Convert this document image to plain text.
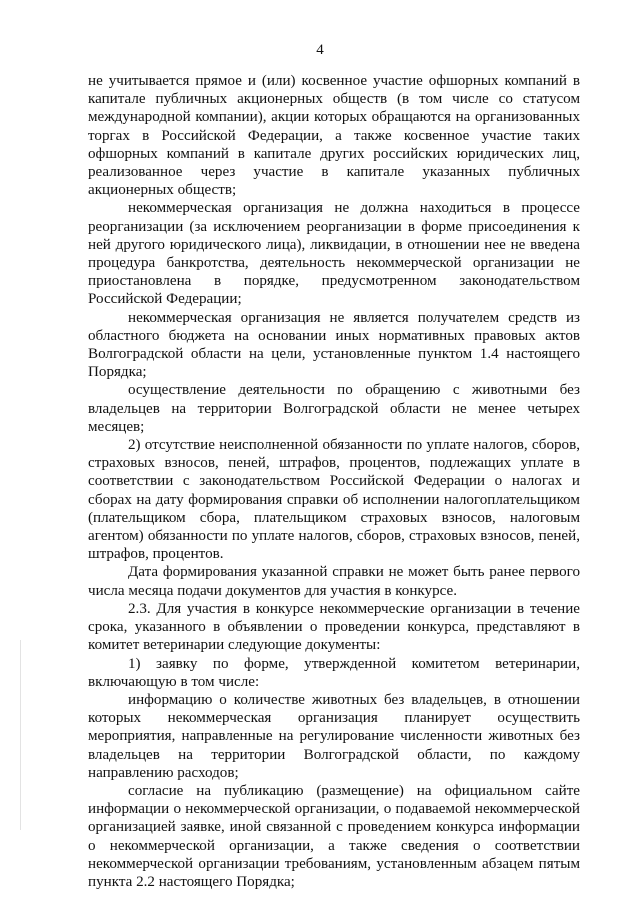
4

не учитывается прямое и (или) косвенное участие офшорных компаний в капитале публичных акционерных обществ (в том числе со статусом международной компании), акции которых обращаются на организованных торгах в Российской Федерации, а также косвенное участие таких офшорных компаний в капитале других российских юридических лиц, реализованное через участие в капитале указанных публичных акционерных обществ;

некоммерческая организация не должна находиться в процессе реорганизации (за исключением реорганизации в форме присоединения к ней другого юридического лица), ликвидации, в отношении нее не введена процедура банкротства, деятельность некоммерческой организации не приостановлена в порядке, предусмотренном законодательством Российской Федерации;

некоммерческая организация не является получателем средств из областного бюджета на основании иных нормативных правовых актов Волгоградской области на цели, установленные пунктом 1.4 настоящего Порядка;

осуществление деятельности по обращению с животными без владельцев на территории Волгоградской области не менее четырех месяцев;

2) отсутствие неисполненной обязанности по уплате налогов, сборов, страховых взносов, пеней, штрафов, процентов, подлежащих уплате в соответствии с законодательством Российской Федерации о налогах и сборах на дату формирования справки об исполнении налогоплательщиком (плательщиком сбора, плательщиком страховых взносов, налоговым агентом) обязанности по уплате налогов, сборов, страховых взносов, пеней, штрафов, процентов.

Дата формирования указанной справки не может быть ранее первого числа месяца подачи документов для участия в конкурсе.

2.3. Для участия в конкурсе некоммерческие организации в течение срока, указанного в объявлении о проведении конкурса, представляют в комитет ветеринарии следующие документы:

1) заявку по форме, утвержденной комитетом ветеринарии, включающую в том числе:

информацию о количестве животных без владельцев, в отношении которых некоммерческая организация планирует осуществить мероприятия, направленные на регулирование численности животных без владельцев на территории Волгоградской области, по каждому направлению расходов;

согласие на публикацию (размещение) на официальном сайте информации о некоммерческой организации, о подаваемой некоммерческой организацией заявке, иной связанной с проведением конкурса информации о некоммерческой организации, а также сведения о соответствии некоммерческой организации требованиям, установленным абзацем пятым пункта 2.2 настоящего Порядка;
